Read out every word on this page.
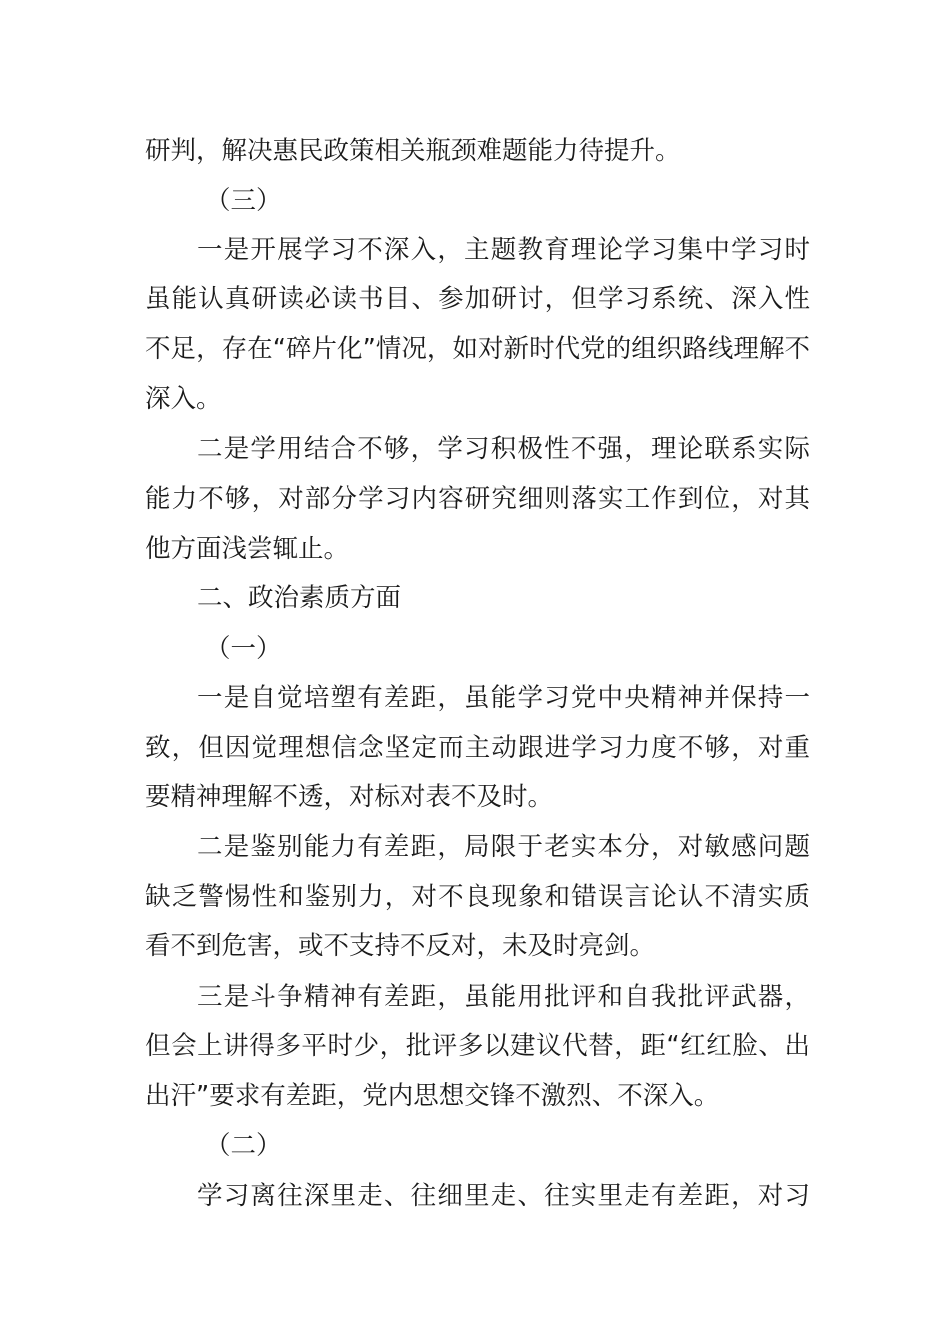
研判，解决惠民政策相关瓶颈难题能力待提升。
（三）
一是开展学习不深入，主题教育理论学习集中学习时
虽能认真研读必读书目、参加研讨，但学习系统、深入性
不足，存在“碎片化”情况，如对新时代党的组织路线理解不
深入。
二是学用结合不够，学习积极性不强，理论联系实际
能力不够，对部分学习内容研究细则落实工作到位，对其
他方面浅尝辄止。
二、政治素质方面
（一）
一是自觉培塑有差距，虽能学习党中央精神并保持一
致，但因觉理想信念坚定而主动跟进学习力度不够，对重
要精神理解不透，对标对表不及时。
二是鉴别能力有差距，局限于老实本分，对敏感问题
缺乏警惕性和鉴别力，对不良现象和错误言论认不清实质
看不到危害，或不支持不反对，未及时亮剑。
三是斗争精神有差距，虽能用批评和自我批评武器，
但会上讲得多平时少，批评多以建议代替，距“红红脸、出
出汗”要求有差距，党内思想交锋不激烈、不深入。
（二）
学习离往深里走、往细里走、往实里走有差距，对习
